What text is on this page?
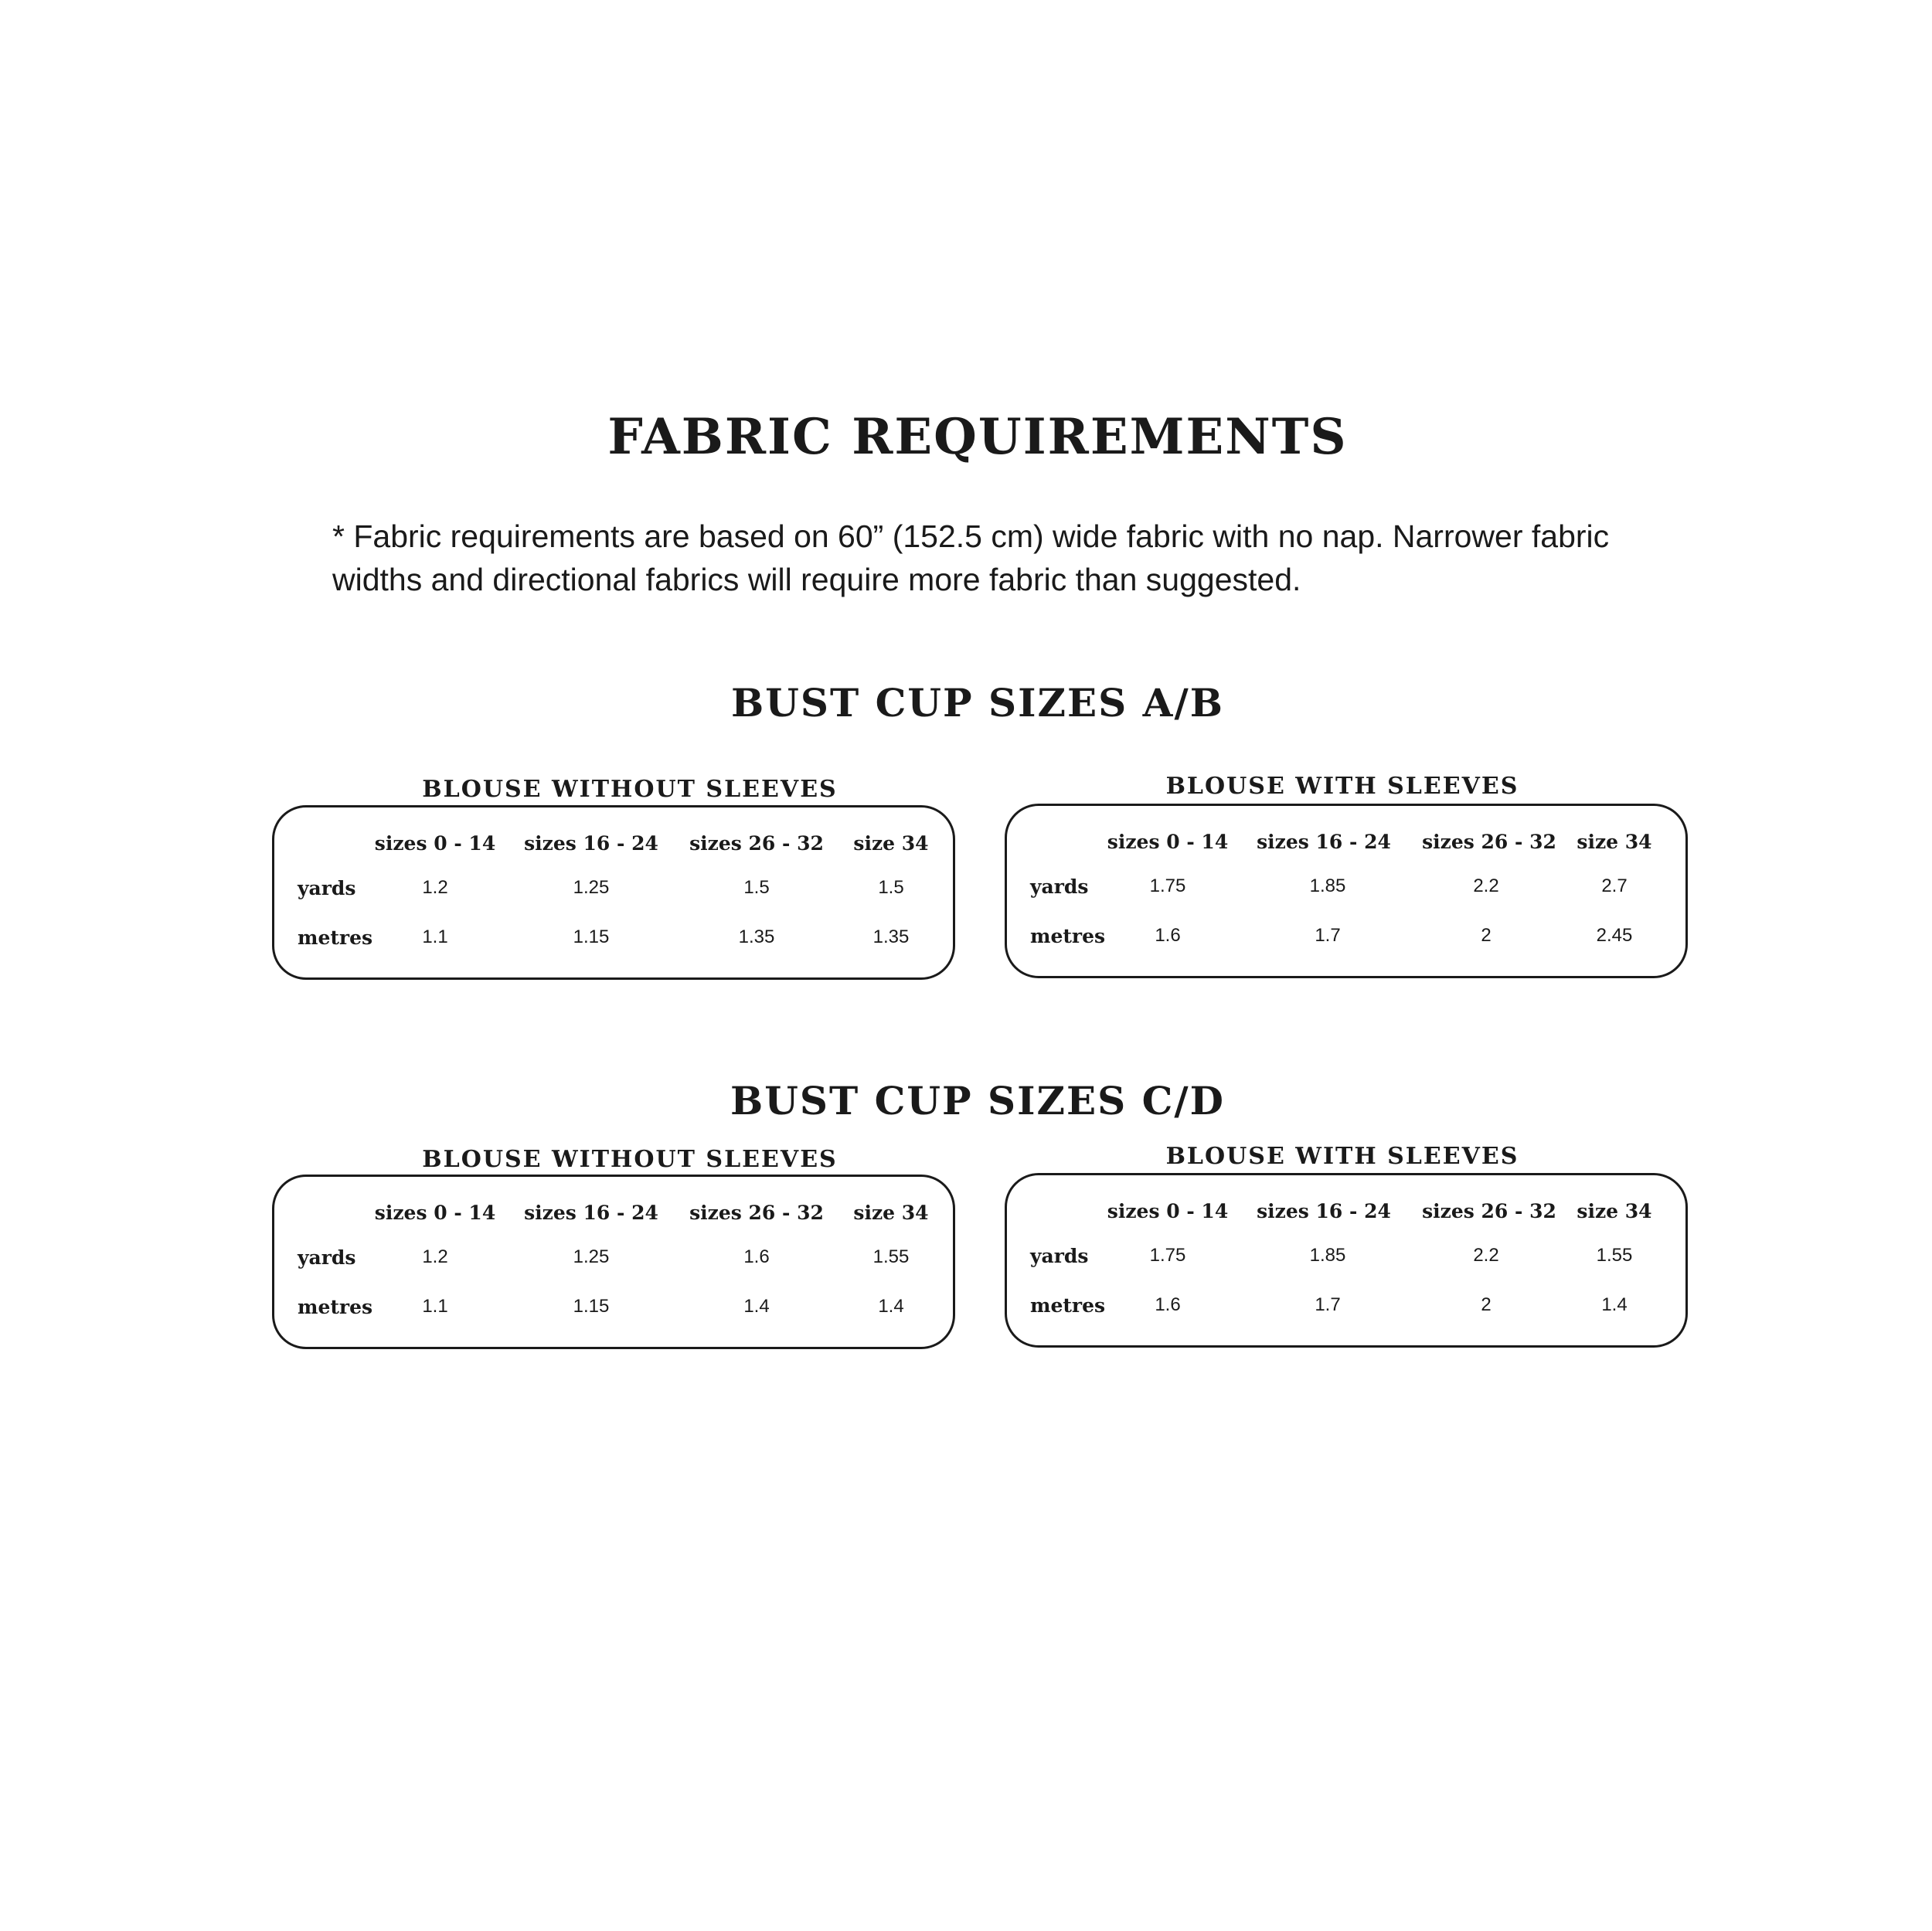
FABRIC REQUIREMENTS
* Fabric requirements are based on 60” (152.5 cm) wide fabric with no nap. Narrower fabric widths and directional fabrics will require more fabric than suggested.
BUST CUP SIZES A/B
BLOUSE WITHOUT SLEEVES
sizes 0 - 14 sizes 16 - 24 sizes 26 - 32 size 34
yards	1.2	1.25	1.5	1.5
metres	1.1	1.15	1.35	1.35
BLOUSE WITH SLEEVES
sizes 0 - 14 sizes 16 - 24 sizes 26 - 32 size 34
yards	1.75	1.85	2.2	2.7
metres	1.6	1.7	2	2.45
BUST CUP SIZES C/D
BLOUSE WITHOUT SLEEVES
sizes 0 - 14 sizes 16 - 24 sizes 26 - 32 size 34
yards	1.2	1.25	1.6	1.55
metres	1.1	1.15	1.4	1.4
BLOUSE WITH SLEEVES
sizes 0 - 14 sizes 16 - 24 sizes 26 - 32 size 34
yards	1.75	1.85	2.2	1.55
metres	1.6	1.7	2	1.4
